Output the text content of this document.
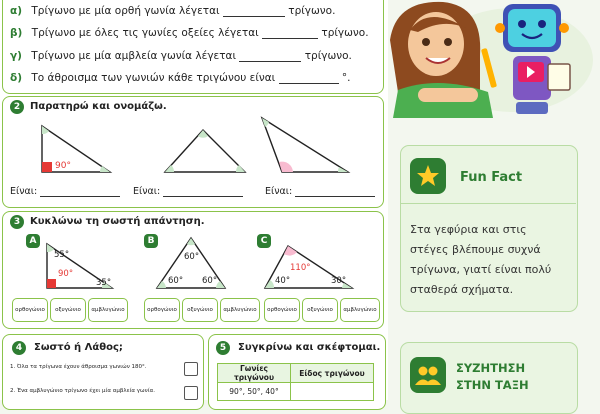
α) Τρίγωνο με μία ορθή γωνία λέγεται	τρίγωνο.
β) Τρίγωνο με όλες τις γωνίες οξείες λέγεται	τρίγωνο.
γ) Τρίγωνο με μία αμβλεία γωνία λέγεται	τρίγωνο.
δ) Το άθροισμα των γωνιών κάθε τριγώνου είναι	°.
2 Παρατηρώ και ονομάζω.
90°
Είναι:	Είναι:	Είναι:
3 Κυκλώνω τη σωστή απάντηση.
A	B	C
55°
90°
35°
60°
60° 60°
110°
40°	30°
ορθογώνιο	οξυγώνιο	αμβλυγώνιο	ορθογώνιο	οξυγώνιο	αμβλυγώνιο	ορθογώνιο	οξυγώνιο	αμβλυγώνιο
4	Σωστό ή Λάθος;
1. Όλα τα τρίγωνα έχουν άθροισμα γωνιών 180°.
2. Ένα αμβλυγώνιο τρίγωνο έχει μία αμβλεία γωνία.
5	Συγκρίνω και σκέφτομαι.
Γωνίες τριγώνου	Είδος τριγώνου
90°, 50°, 40°	
Fun Fact
Στα γεφύρια και στις
στέγες βλέπουμε συχνά
τρίγωνα, γιατί είναι πολύ
σταθερά σχήματα.
ΣΥΖΗΤΗΣΗ
ΣΤΗΝ ΤΑΞΗ
